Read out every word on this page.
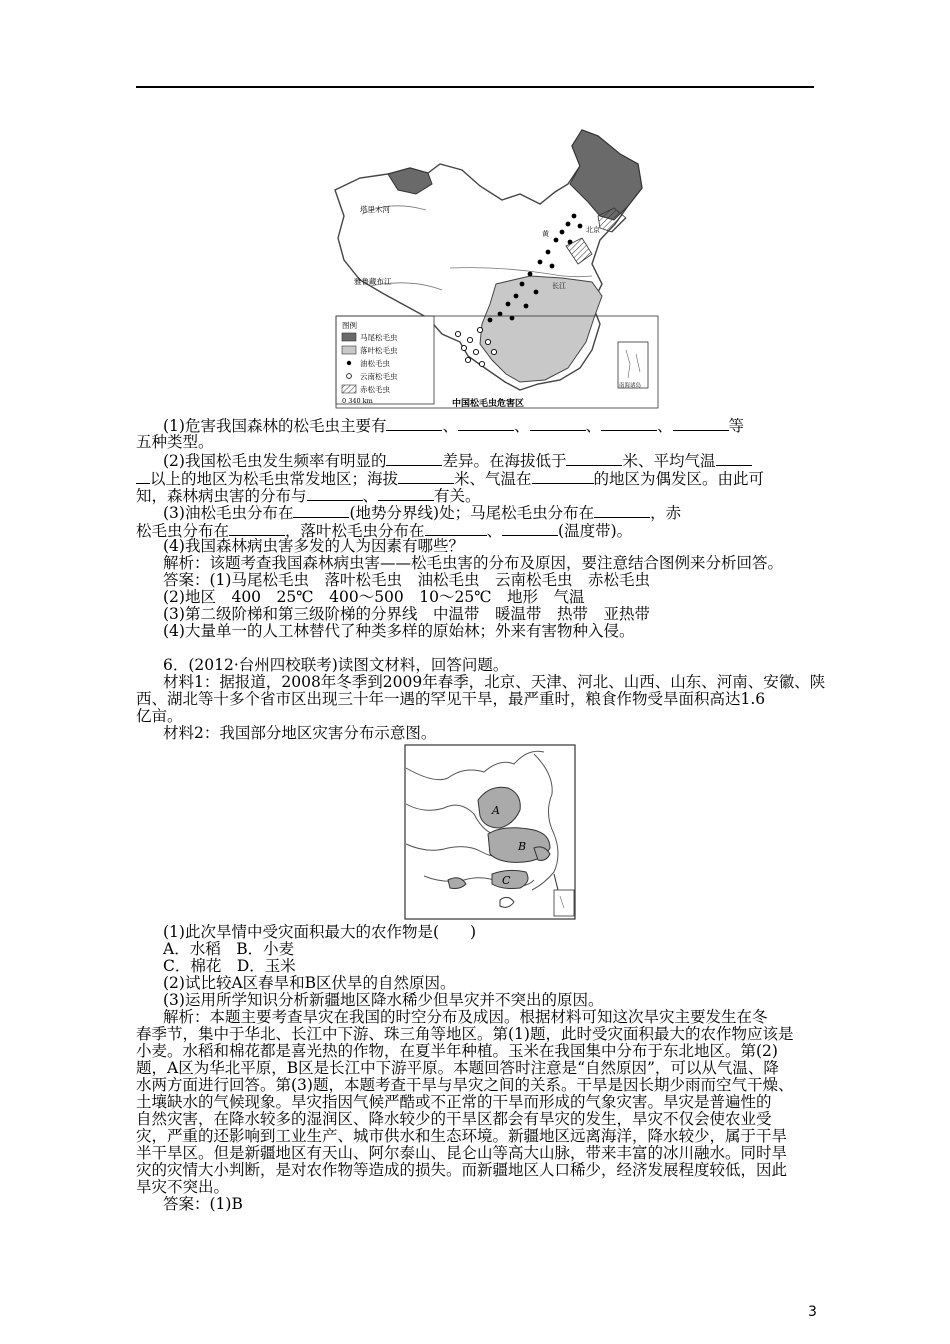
塔里木河
雅鲁藏布江
北京
黄
长江
图例
马尾松毛虫
落叶松毛虫
油松毛虫
云南松毛虫
赤松毛虫
0 340 km
南海诸岛
中国松毛虫危害区
(1)危害我国森林的松毛虫主要有	、	、	、	、	等
五种类型。
(2)我国松毛虫发生频率有明显的	差异。在海拔低于	米、平均气温
以上的地区为松毛虫常发地区；海拔	米、气温在	的地区为偶发区。由此可
知，森林病虫害的分布与	、	有关。
(3)油松毛虫分布在	(地势分界线)处；马尾松毛虫分布在	，赤
松毛虫分布在	，落叶松毛虫分布在	、	(温度带)。
(4)我国森林病虫害多发的人为因素有哪些？
解析：该题考查我国森林病虫害——松毛虫害的分布及原因，要注意结合图例来分析回答。
答案：(1)马尾松毛虫　落叶松毛虫　油松毛虫　云南松毛虫　赤松毛虫
(2)地区　400　25℃　400～500　10～25℃　地形　气温
(3)第二级阶梯和第三级阶梯的分界线　中温带　暖温带　热带　亚热带
(4)大量单一的人工林替代了种类多样的原始林；外来有害物种入侵。
6．(2012·台州四校联考)读图文材料，回答问题。
材料1：据报道，2008年冬季到2009年春季，北京、天津、河北、山西、山东、河南、安徽、陕
西、湖北等十多个省市区出现三十年一遇的罕见干旱，最严重时，粮食作物受旱面积高达1.6
亿亩。
材料2：我国部分地区灾害分布示意图。
A
B
C
(1)此次旱情中受灾面积最大的农作物是(　　)
A．水稻　B．小麦
C．棉花　D．玉米
(2)试比较A区春旱和B区伏旱的自然原因。
(3)运用所学知识分析新疆地区降水稀少但旱灾并不突出的原因。
解析：本题主要考查旱灾在我国的时空分布及成因。根据材料可知这次旱灾主要发生在冬
春季节，集中于华北、长江中下游、珠三角等地区。第(1)题，此时受灾面积最大的农作物应该是
小麦。水稻和棉花都是喜光热的作物，在夏半年种植。玉米在我国集中分布于东北地区。第(2)
题，A区为华北平原，B区是长江中下游平原。本题回答时注意是“自然原因”，可以从气温、降
水两方面进行回答。第(3)题，本题考查干旱与旱灾之间的关系。干旱是因长期少雨而空气干燥、
土壤缺水的气候现象。旱灾指因气候严酷或不正常的干旱而形成的气象灾害。旱灾是普遍性的
自然灾害，在降水较多的湿润区、降水较少的干旱区都会有旱灾的发生，旱灾不仅会使农业受
灾，严重的还影响到工业生产、城市供水和生态环境。新疆地区远离海洋，降水较少，属于干旱
半干旱区。但是新疆地区有天山、阿尔泰山、昆仑山等高大山脉，带来丰富的冰川融水。同时旱
灾的灾情大小判断，是对农作物等造成的损失。而新疆地区人口稀少，经济发展程度较低，因此
旱灾不突出。
答案：(1)B
3
